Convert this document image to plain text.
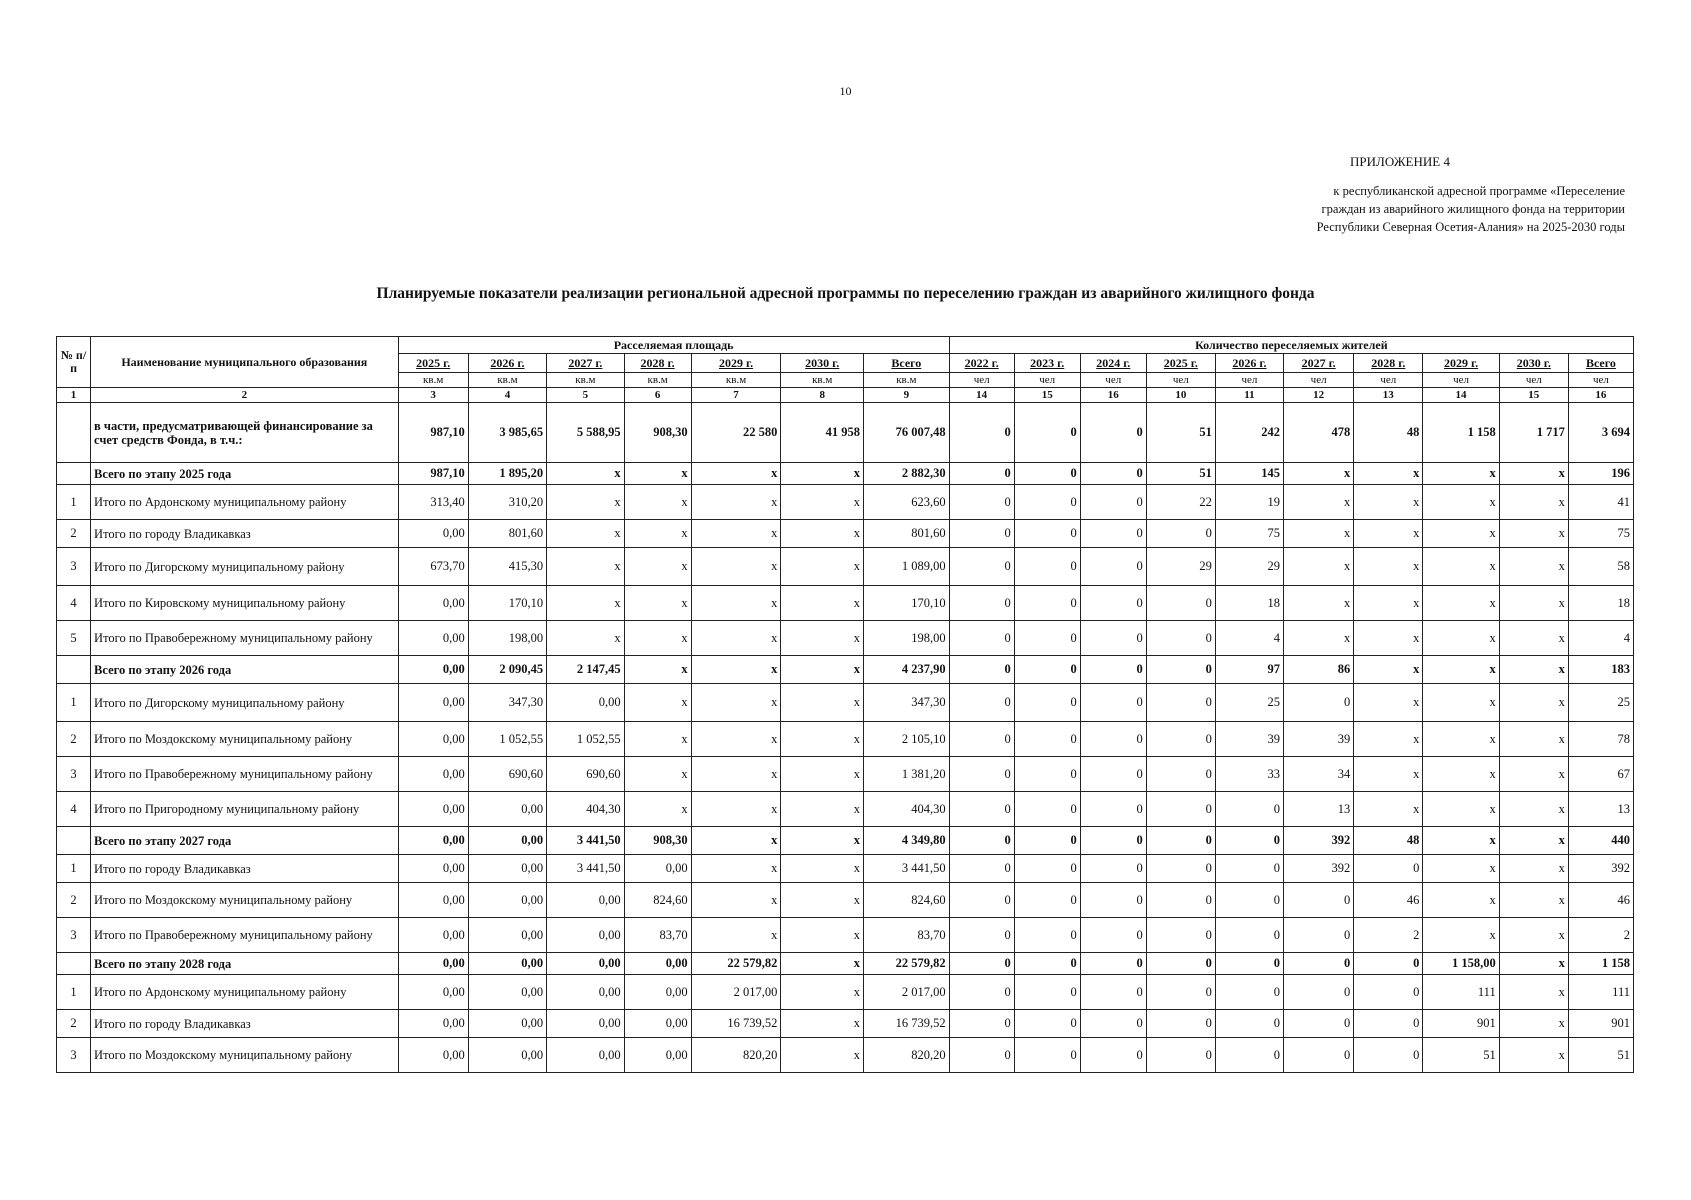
10
ПРИЛОЖЕНИЕ 4
к республиканской адресной программе «Переселение
граждан из аварийного жилищного фонда на территории
Республики Северная Осетия-Алания» на 2025-2030 годы
Планируемые показатели реализации региональной адресной программы по переселению граждан из аварийного жилищного фонда
№ п/п	Наименование муниципального образования	Расселяемая площадь							Количество переселяемых жителей									
		2025 г.	2026 г.	2027 г.	2028 г.	2029 г.	2030 г.	Всего	2022 г.	2023 г.	2024 г.	2025 г.	2026 г.	2027 г.	2028 г.	2029 г.	2030 г.	Всего
		кв.м	кв.м	кв.м	кв.м	кв.м	кв.м	кв.м	чел	чел	чел	чел	чел	чел	чел	чел	чел	чел
1	2	3	4	5	6	7	8	9	14	15	16	10	11	12	13	14	15	16
	в части, предусматривающей финансирование за счет средств Фонда, в т.ч.:	987,10	3 985,65	5 588,95	908,30	22 580	41 958	76 007,48	0	0	0	51	242	478	48	1 158	1 717	3 694
	Всего по этапу 2025 года	987,10	1 895,20	x	x	x	x	2 882,30	0	0	0	51	145	x	x	x	x	196
1	Итого по Ардонскому муниципальному району	313,40	310,20	x	x	x	x	623,60	0	0	0	22	19	x	x	x	x	41
2	Итого по городу Владикавказ	0,00	801,60	x	x	x	x	801,60	0	0	0	0	75	x	x	x	x	75
3	Итого по Дигорскому муниципальному району	673,70	415,30	x	x	x	x	1 089,00	0	0	0	29	29	x	x	x	x	58
4	Итого по Кировскому муниципальному району	0,00	170,10	x	x	x	x	170,10	0	0	0	0	18	x	x	x	x	18
5	Итого по Правобережному муниципальному району	0,00	198,00	x	x	x	x	198,00	0	0	0	0	4	x	x	x	x	4
	Всего по этапу 2026 года	0,00	2 090,45	2 147,45	x	x	x	4 237,90	0	0	0	0	97	86	x	x	x	183
1	Итого по Дигорскому муниципальному району	0,00	347,30	0,00	x	x	x	347,30	0	0	0	0	25	0	x	x	x	25
2	Итого по Моздокскому муниципальному району	0,00	1 052,55	1 052,55	x	x	x	2 105,10	0	0	0	0	39	39	x	x	x	78
3	Итого по Правобережному муниципальному району	0,00	690,60	690,60	x	x	x	1 381,20	0	0	0	0	33	34	x	x	x	67
4	Итого по Пригородному муниципальному району	0,00	0,00	404,30	x	x	x	404,30	0	0	0	0	0	13	x	x	x	13
	Всего по этапу 2027 года	0,00	0,00	3 441,50	908,30	x	x	4 349,80	0	0	0	0	0	392	48	x	x	440
1	Итого по городу Владикавказ	0,00	0,00	3 441,50	0,00	x	x	3 441,50	0	0	0	0	0	392	0	x	x	392
2	Итого по Моздокскому муниципальному району	0,00	0,00	0,00	824,60	x	x	824,60	0	0	0	0	0	0	46	x	x	46
3	Итого по Правобережному муниципальному району	0,00	0,00	0,00	83,70	x	x	83,70	0	0	0	0	0	0	2	x	x	2
	Всего по этапу 2028 года	0,00	0,00	0,00	0,00	22 579,82	x	22 579,82	0	0	0	0	0	0	0	1 158,00	x	1 158
1	Итого по Ардонскому муниципальному району	0,00	0,00	0,00	0,00	2 017,00	x	2 017,00	0	0	0	0	0	0	0	111	x	111
2	Итого по городу Владикавказ	0,00	0,00	0,00	0,00	16 739,52	x	16 739,52	0	0	0	0	0	0	0	901	x	901
3	Итого по Моздокскому муниципальному району	0,00	0,00	0,00	0,00	820,20	x	820,20	0	0	0	0	0	0	0	51	x	51
